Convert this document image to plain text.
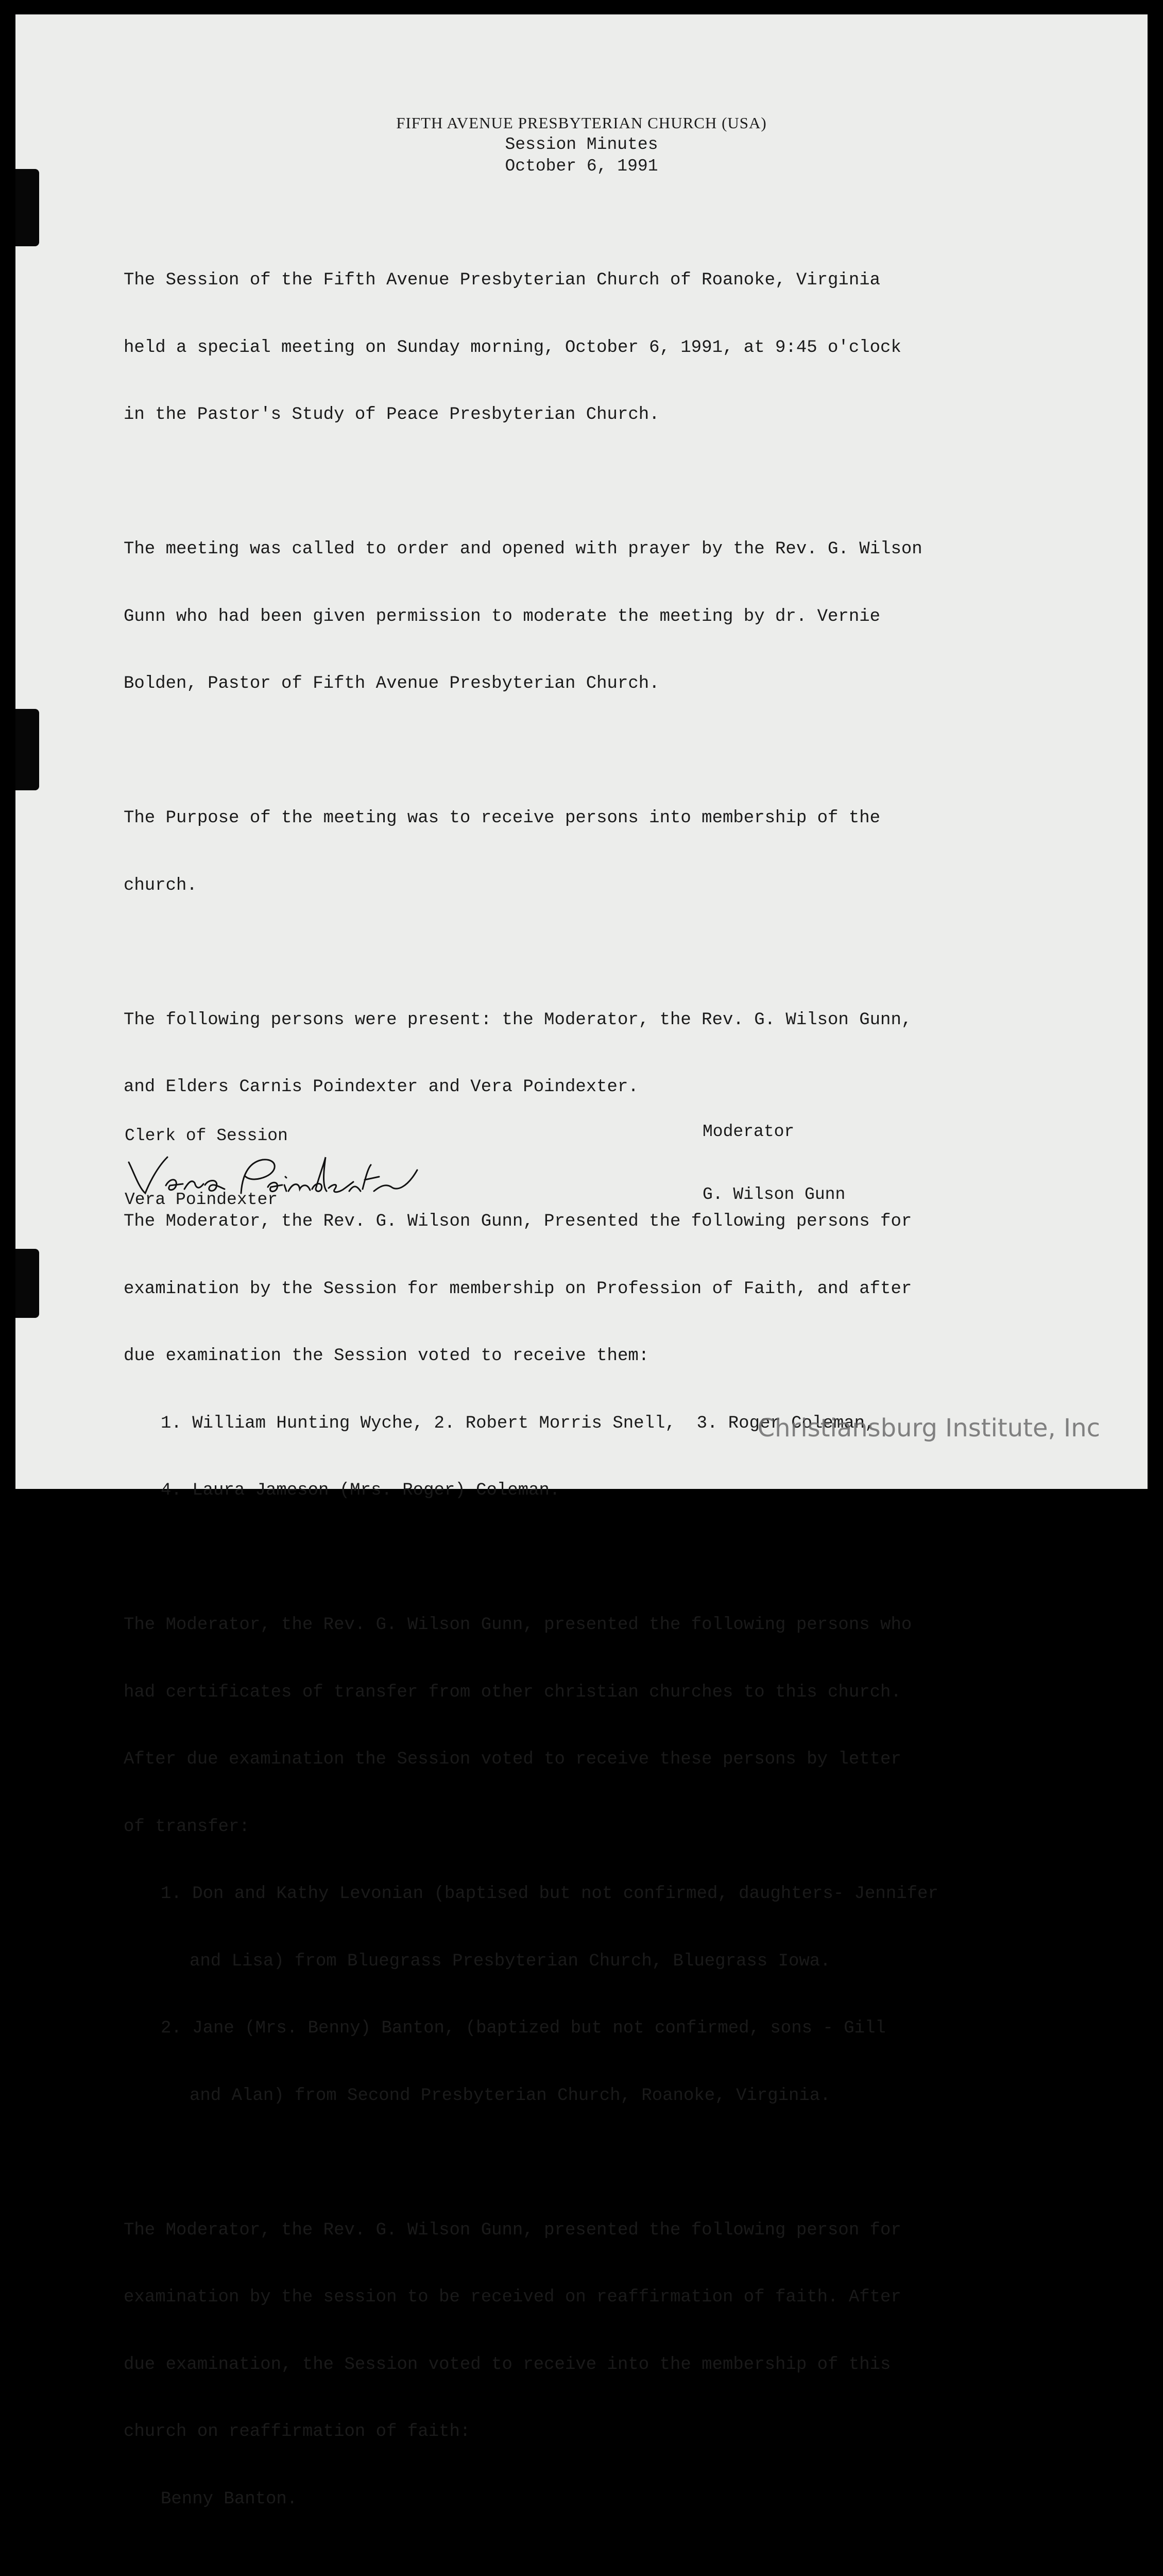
FIFTH AVENUE PRESBYTERIAN CHURCH (USA)
Session Minutes
October 6, 1991

The Session of the Fifth Avenue Presbyterian Church of Roanoke, Virginia

held a special meeting on Sunday morning, October 6, 1991, at 9:45 o'clock

in the Pastor's Study of Peace Presbyterian Church.

The meeting was called to order and opened with prayer by the Rev. G. Wilson

Gunn who had been given permission to moderate the meeting by dr. Vernie

Bolden, Pastor of Fifth Avenue Presbyterian Church.

The Purpose of the meeting was to receive persons into membership of the

church.

The following persons were present: the Moderator, the Rev. G. Wilson Gunn,

and Elders Carnis Poindexter and Vera Poindexter.

The Moderator, the Rev. G. Wilson Gunn, Presented the following persons for

examination by the Session for membership on Profession of Faith, and after

due examination the Session voted to receive them:

1. William Hunting Wyche, 2. Robert Morris Snell,  3. Roger Coleman,

4. Laura Jameson (Mrs. Roger) Coleman.

The Moderator, the Rev. G. Wilson Gunn, presented the following persons who

had certificates of transfer from other christian churches to this church.

After due examination the Session voted to receive these persons by letter

of transfer:

1. Don and Kathy Levonian (baptised but not confirmed, daughters- Jennifer

and Lisa) from Bluegrass Presbyterian Church, Bluegrass Iowa.

2. Jane (Mrs. Benny) Banton, (baptized but not confirmed, sons - Gill

and Alan) from Second Presbyterian Church, Roanoke, Virginia.

The Moderator, the Rev. G. Wilson Gunn, presented the following person for

examination by the session to be received on reaffirmation of faith. After

due examination, the Session voted to receive into the membership of this

church on reaffirmation of faith:

Benny Banton.

Clerk of Session
Vera Poindexter
Moderator
G. Wilson Gunn
Christiansburg Institute, Inc
